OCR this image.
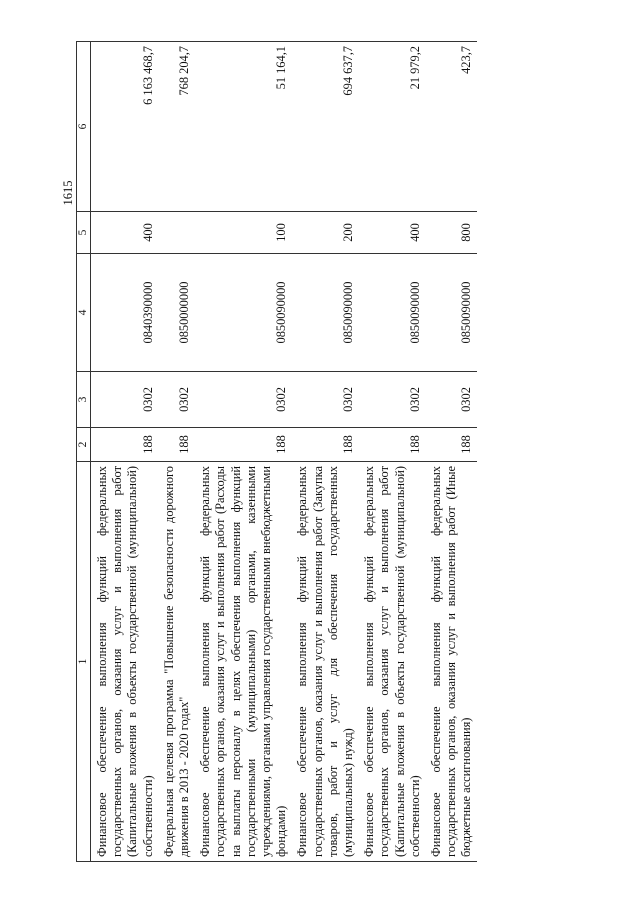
1615
1	2	3	4	5	6
Финансовое обеспечение выполнения функций федеральных государственных органов, оказания услуг и выполнения работ (Капитальные вложения в объекты государственной (муниципальной) собственности)	188	0302	0840390000	400	6 163 468,7
Федеральная целевая программа "Повышение безопасности дорожного движения в 2013 - 2020 годах"	188	0302	0850000000		768 204,7
Финансовое обеспечение выполнения функций федеральных государственных органов, оказания услуг и выполнения работ (Расходы на выплаты персоналу в целях обеспечения выполнения функций государственными (муниципальными) органами, казенными учреждениями, органами управления государственными внебюджетными фондами)	188	0302	0850090000	100	51 164,1
Финансовое обеспечение выполнения функций федеральных государственных органов, оказания услуг и выполнения работ (Закупка товаров, работ и услуг для обеспечения государственных (муниципальных) нужд)	188	0302	0850090000	200	694 637,7
Финансовое обеспечение выполнения функций федеральных государственных органов, оказания услуг и выполнения работ (Капитальные вложения в объекты государственной (муниципальной) собственности)	188	0302	0850090000	400	21 979,2
Финансовое обеспечение выполнения функций федеральных государственных органов, оказания услуг и выполнения работ (Иные бюджетные ассигнования)	188	0302	0850090000	800	423,7
